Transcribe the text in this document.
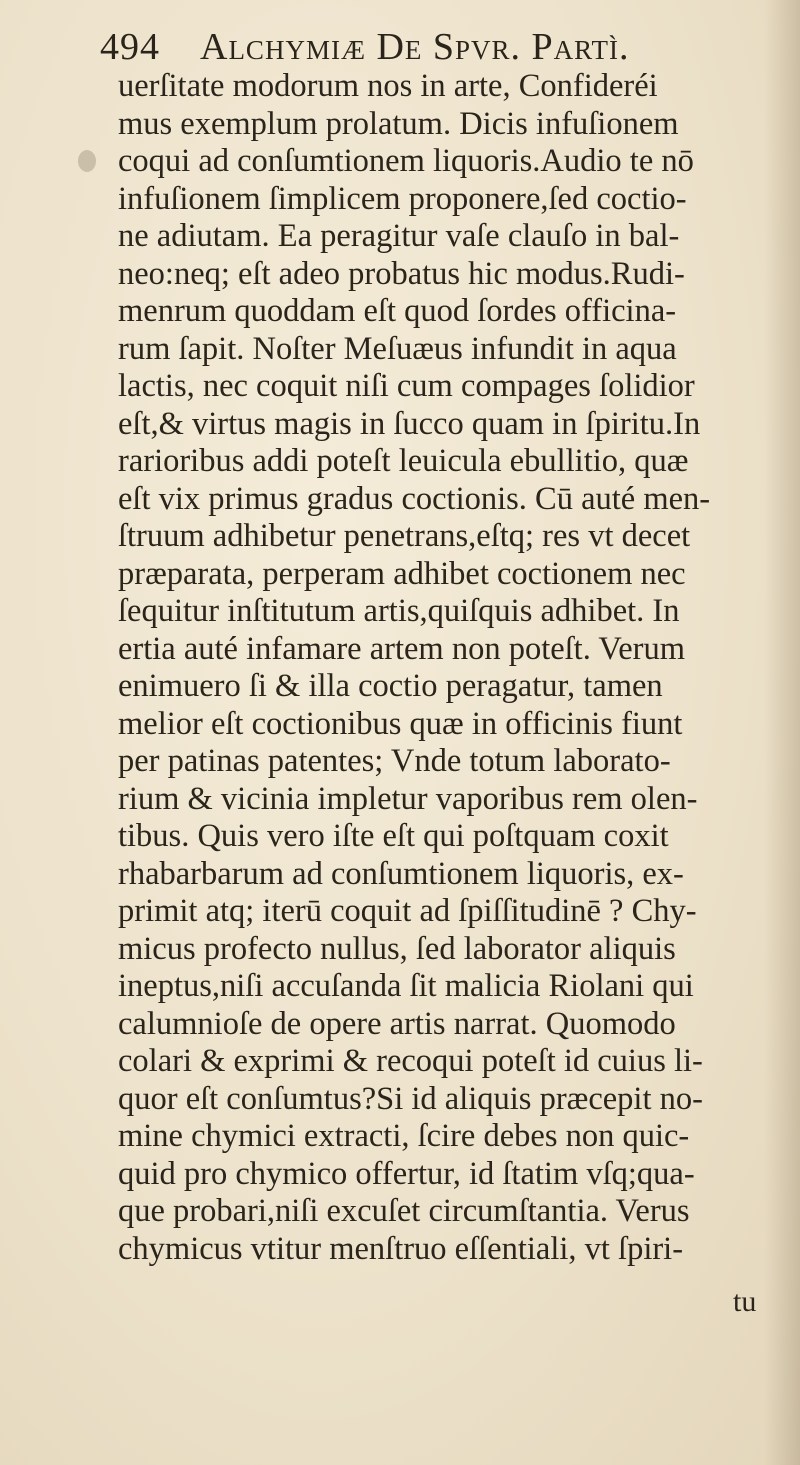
494 Alchymiæ De Spvr. Partì.
uerſitate modorum nos in arte, Confideréi
mus exemplum prolatum. Dicis infuſionem
coqui ad conſumtionem liquoris.Audio te nō
infuſionem ſimplicem proponere,ſed coctio-
ne adiutam. Ea peragitur vaſe clauſo in bal-
neo:neq; eſt adeo probatus hic modus.Rudi-
menrum quoddam eſt quod ſordes officina-
rum ſapit. Noſter Meſuæus infundit in aqua
lactis, nec coquit niſi cum compages ſolidior
eſt,& virtus magis in ſucco quam in ſpiritu.In
rarioribus addi poteſt leuicula ebullitio, quæ
eſt vix primus gradus coctionis. Cū auté men-
ſtruum adhibetur penetrans,eſtq; res vt decet
præparata, perperam adhibet coctionem nec
ſequitur inſtitutum artis,quiſquis adhibet. In
ertia auté infamare artem non poteſt. Verum
enimuero ſi & illa coctio peragatur, tamen
melior eſt coctionibus quæ in officinis fiunt
per patinas patentes; Vnde totum laborato-
rium & vicinia impletur vaporibus rem olen-
tibus. Quis vero iſte eſt qui poſtquam coxit
rhabarbarum ad conſumtionem liquoris, ex-
primit atq; iterū coquit ad ſpiſſitudinē ? Chy-
micus profecto nullus, ſed laborator aliquis
ineptus,niſi accuſanda ſit malicia Riolani qui
calumnioſe de opere artis narrat. Quomodo
colari & exprimi & recoqui poteſt id cuius li-
quor eſt conſumtus?Si id aliquis præcepit no-
mine chymici extracti, ſcire debes non quic-
quid pro chymico offertur, id ſtatim vſq;qua-
que probari,niſi excuſet circumſtantia. Verus
chymicus vtitur menſtruo eſſentiali, vt ſpiri-
tu
